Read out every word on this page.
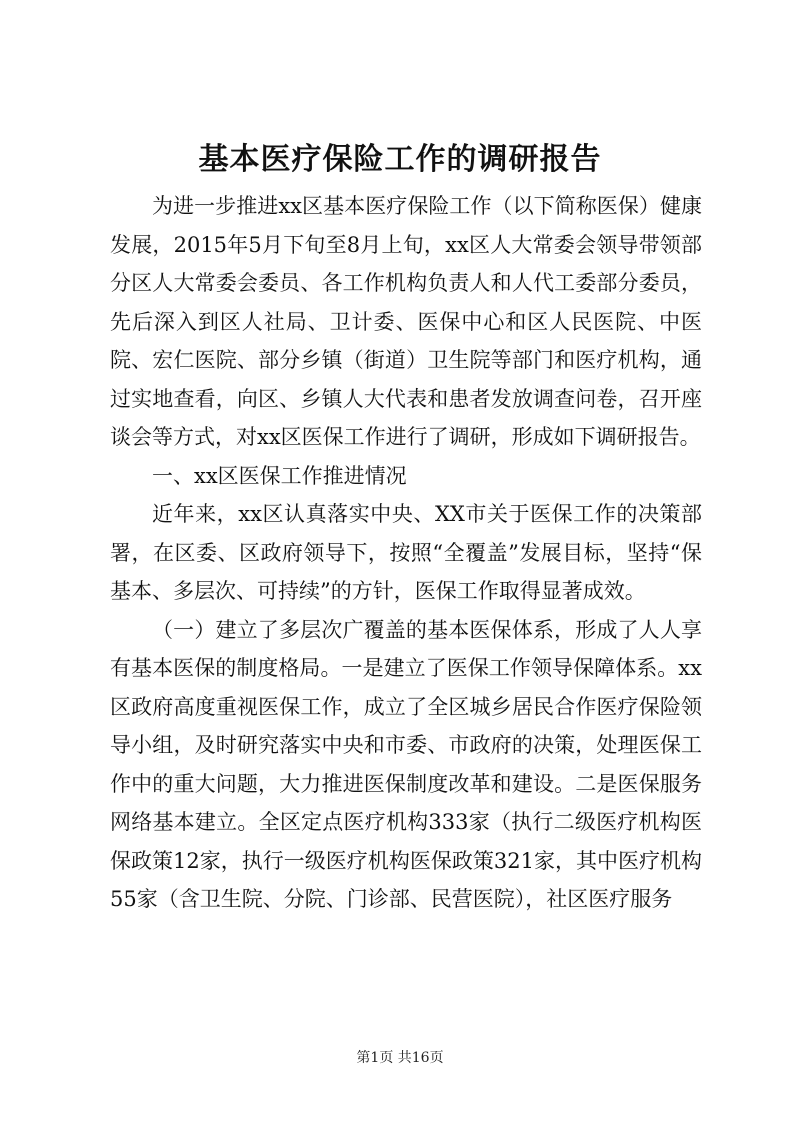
基本医疗保险工作的调研报告

为进一步推进xx区基本医疗保险工作（以下简称医保）健康发展，2015年5月下旬至8月上旬，xx区人大常委会领导带领部分区人大常委会委员、各工作机构负责人和人代工委部分委员，先后深入到区人社局、卫计委、医保中心和区人民医院、中医院、宏仁医院、部分乡镇（街道）卫生院等部门和医疗机构，通过实地查看，向区、乡镇人大代表和患者发放调查问卷，召开座谈会等方式，对xx区医保工作进行了调研，形成如下调研报告。

一、xx区医保工作推进情况

近年来，xx区认真落实中央、XX市关于医保工作的决策部署，在区委、区政府领导下，按照“全覆盖”发展目标，坚持“保基本、多层次、可持续”的方针，医保工作取得显著成效。

（一）建立了多层次广覆盖的基本医保体系，形成了人人享有基本医保的制度格局。一是建立了医保工作领导保障体系。xx区政府高度重视医保工作，成立了全区城乡居民合作医疗保险领导小组，及时研究落实中央和市委、市政府的决策，处理医保工作中的重大问题，大力推进医保制度改革和建设。二是医保服务网络基本建立。全区定点医疗机构333家（执行二级医疗机构医保政策12家，执行一级医疗机构医保政策321家，其中医疗机构55家（含卫生院、分院、门诊部、民营医院），社区医疗服务

第1页 共16页
